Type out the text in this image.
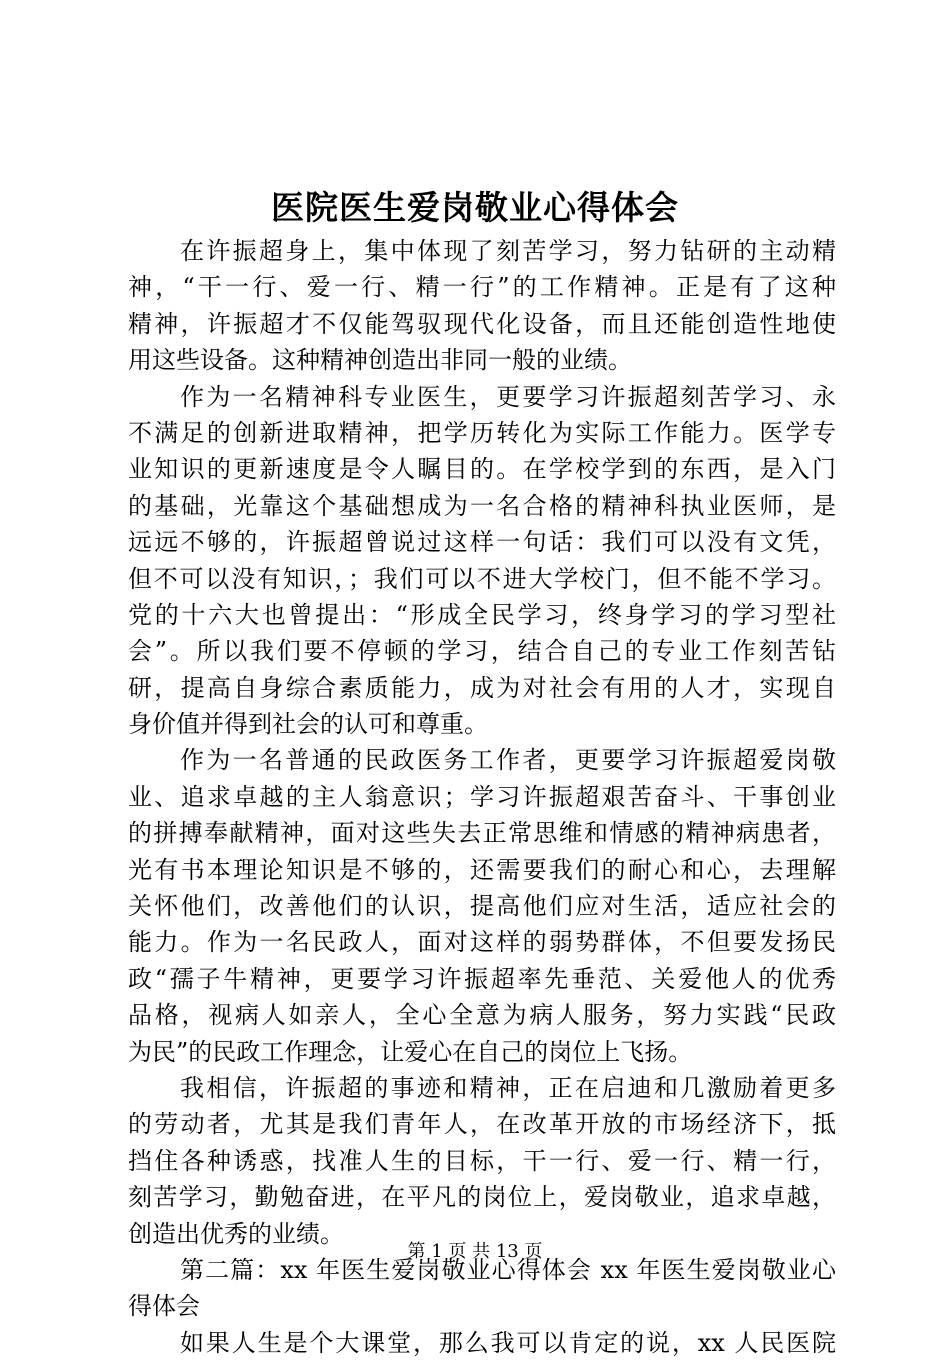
医院医生爱岗敬业心得体会
在许振超身上，集中体现了刻苦学习，努力钻研的主动精
神，“干一行、爱一行、精一行”的工作精神。正是有了这种
精神，许振超才不仅能驾驭现代化设备，而且还能创造性地使
用这些设备。这种精神创造出非同一般的业绩。
作为一名精神科专业医生，更要学习许振超刻苦学习、永
不满足的创新进取精神，把学历转化为实际工作能力。医学专
业知识的更新速度是令人瞩目的。在学校学到的东西，是入门
的基础，光靠这个基础想成为一名合格的精神科执业医师，是
远远不够的，许振超曾说过这样一句话：我们可以没有文凭，
但不可以没有知识，；我们可以不进大学校门，但不能不学习。
党的十六大也曾提出：“形成全民学习，终身学习的学习型社
会”。所以我们要不停顿的学习，结合自己的专业工作刻苦钻
研，提高自身综合素质能力，成为对社会有用的人才，实现自
身价值并得到社会的认可和尊重。
作为一名普通的民政医务工作者，更要学习许振超爱岗敬
业、追求卓越的主人翁意识；学习许振超艰苦奋斗、干事创业
的拼搏奉献精神，面对这些失去正常思维和情感的精神病患者，
光有书本理论知识是不够的，还需要我们的耐心和心，去理解
关怀他们，改善他们的认识，提高他们应对生活，适应社会的
能力。作为一名民政人，面对这样的弱势群体，不但要发扬民
政“孺子牛精神，更要学习许振超率先垂范、关爱他人的优秀
品格，视病人如亲人，全心全意为病人服务，努力实践“民政
为民”的民政工作理念，让爱心在自己的岗位上飞扬。
我相信，许振超的事迹和精神，正在启迪和几激励着更多
的劳动者，尤其是我们青年人，在改革开放的市场经济下，抵
挡住各种诱惑，找准人生的目标，干一行、爱一行、精一行，
刻苦学习，勤勉奋进，在平凡的岗位上，爱岗敬业，追求卓越，
创造出优秀的业绩。
第二篇：xx 年医生爱岗敬业心得体会 xx 年医生爱岗敬业心
得体会
如果人生是个大课堂，那么我可以肯定的说，xx 人民医院
第 1 页 共 13 页
